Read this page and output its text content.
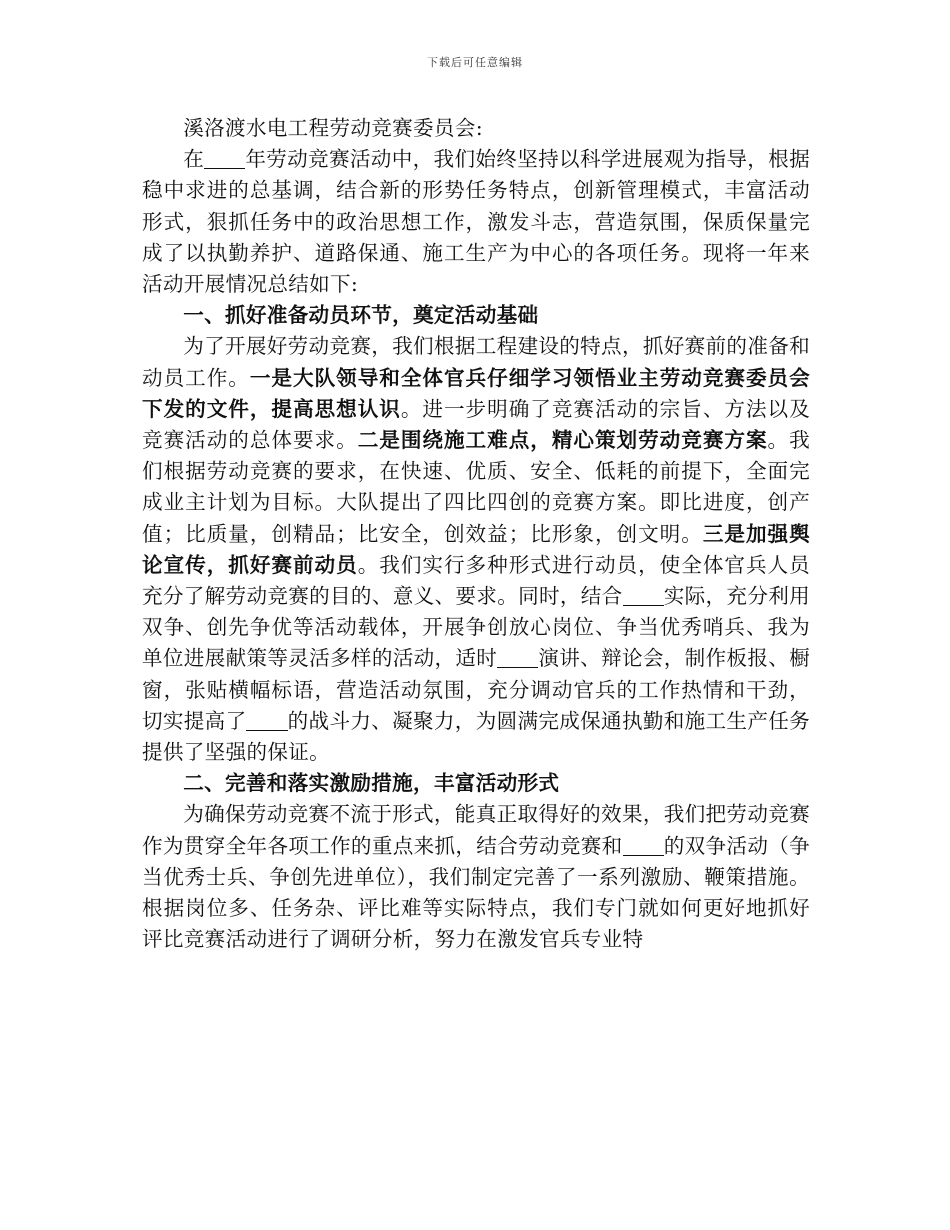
下载后可任意编辑

溪洛渡水电工程劳动竞赛委员会:

在 年劳动竞赛活动中，我们始终坚持以科学进展观为指导，根据稳中求进的总基调，结合新的形势任务特点，创新管理模式，丰富活动形式，狠抓任务中的政治思想工作，激发斗志，营造氛围，保质保量完成了以执勤养护、道路保通、施工生产为中心的各项任务。现将一年来活动开展情况总结如下:

一、抓好准备动员环节，奠定活动基础

为了开展好劳动竞赛，我们根据工程建设的特点，抓好赛前的准备和动员工作。一是大队领导和全体官兵仔细学习领悟业主劳动竞赛委员会下发的文件，提高思想认识。进一步明确了竞赛活动的宗旨、方法以及竞赛活动的总体要求。二是围绕施工难点，精心策划劳动竞赛方案。我们根据劳动竞赛的要求，在快速、优质、安全、低耗的前提下，全面完成业主计划为目标。大队提出了四比四创的竞赛方案。即比进度，创产值；比质量，创精品；比安全，创效益；比形象，创文明。三是加强舆论宣传，抓好赛前动员。我们实行多种形式进行动员，使全体官兵人员充分了解劳动竞赛的目的、意义、要求。同时，结合 实际，充分利用双争、创先争优等活动载体，开展争创放心岗位、争当优秀哨兵、我为单位进展献策等灵活多样的活动，适时 演讲、辩论会，制作板报、橱窗，张贴横幅标语，营造活动氛围，充分调动官兵的工作热情和干劲，切实提高了 的战斗力、凝聚力，为圆满完成保通执勤和施工生产任务提供了坚强的保证。

二、完善和落实激励措施，丰富活动形式

为确保劳动竞赛不流于形式，能真正取得好的效果，我们把劳动竞赛作为贯穿全年各项工作的重点来抓，结合劳动竞赛和 的双争活动（争当优秀士兵、争创先进单位），我们制定完善了一系列激励、鞭策措施。根据岗位多、任务杂、评比难等实际特点，我们专门就如何更好地抓好评比竞赛活动进行了调研分析，努力在激发官兵专业特
